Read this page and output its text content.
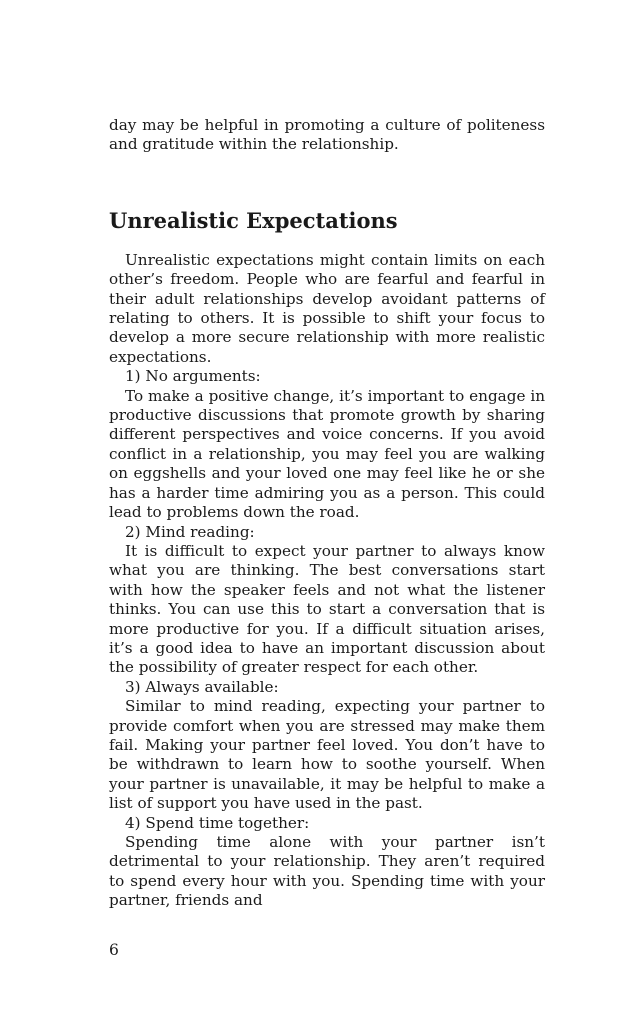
day may be helpful in promoting a culture of politeness and gratitude within the relationship.

Unrealistic Expectations

Unrealistic expectations might contain limits on each other’s freedom. People who are fearful and fearful in their adult relationships develop avoidant patterns of relating to others. It is possible to shift your focus to develop a more secure relationship with more realistic expectations.

1) No arguments:

To make a positive change, it’s important to engage in productive discussions that promote growth by sharing different perspectives and voice concerns. If you avoid conflict in a relationship, you may feel you are walking on eggshells and your loved one may feel like he or she has a harder time admiring you as a person. This could lead to problems down the road.

2) Mind reading:

It is difficult to expect your partner to always know what you are thinking. The best conversations start with how the speaker feels and not what the listener thinks. You can use this to start a conversation that is more productive for you. If a difficult situation arises, it’s a good idea to have an important discussion about the possibility of greater respect for each other.

3) Always available:

Similar to mind reading, expecting your partner to provide comfort when you are stressed may make them fail. Making your partner feel loved. You don’t have to be withdrawn to learn how to soothe yourself. When your partner is unavailable, it may be helpful to make a list of support you have used in the past.

4) Spend time together:

Spending time alone with your partner isn’t detrimental to your relationship. They aren’t required to spend every hour with you. Spending time with your partner, friends and

6
